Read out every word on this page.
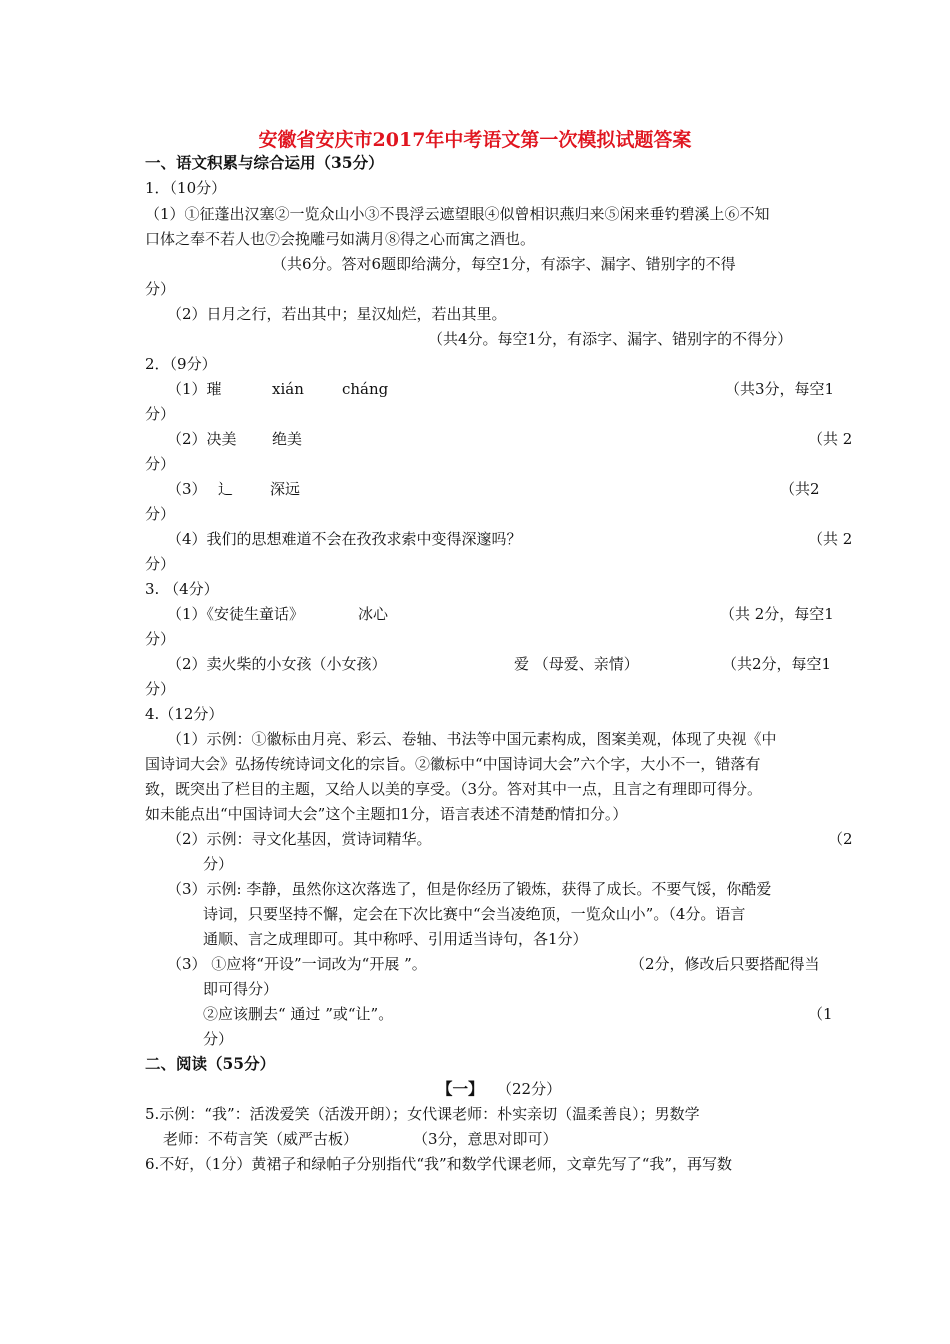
安徽省安庆市2017年中考语文第一次模拟试题答案
一、语文积累与综合运用（35分）
1．（10分）
（1）①征蓬出汉塞②一览众山小③不畏浮云遮望眼④似曾相识燕归来⑤闲来垂钓碧溪上⑥不知
口体之奉不若人也⑦会挽雕弓如满月⑧得之心而寓之酒也。
（共6分。答对6题即给满分，每空1分，有添字、漏字、错别字的不得
分）
（2）日月之行，若出其中；星汉灿烂，若出其里。
（共4分。每空1分，有添字、漏字、错别字的不得分）
2．（9分）
（1）璀	xián	cháng	（共3分，每空1
分）
（2）决美 绝美	（共 2
分）
（3） 辶 深远	（共2
分）
（4）我们的思想难道不会在孜孜求索中变得深邃吗？	（共 2
分）
3. （4分）
（1）《安徒生童话》	冰心	（共 2分，每空1
分）
（2）卖火柴的小女孩（小女孩）	爱 （母爱、亲情）	（共2分，每空1
分）
4.（12分）
（1）示例：①徽标由月亮、彩云、卷轴、书法等中国元素构成，图案美观，体现了央视《中
国诗词大会》弘扬传统诗词文化的宗旨。②徽标中“中国诗词大会”六个字，大小不一，错落有
致，既突出了栏目的主题，又给人以美的享受。（3分。答对其中一点，且言之有理即可得分。
如未能点出“中国诗词大会”这个主题扣1分，语言表述不清楚酌情扣分。）
（2）示例：寻文化基因，赏诗词精华。	（2
分）
（3）示例: 李静，虽然你这次落选了，但是你经历了锻炼，获得了成长。不要气馁，你酷爱
诗词，只要坚持不懈，定会在下次比赛中“会当凌绝顶，一览众山小”。（4分。语言
通顺、言之成理即可。其中称呼、引用适当诗句，各1分）
（3） ①应将“开设”一词改为“开展 ”。	（2分，修改后只要搭配得当
即可得分）
②应该删去“ 通过 ”或“让”。	（1
分）
二、阅读（55分）
【一】 （22分）
5.示例：“我”：活泼爱笑（活泼开朗）；女代课老师：朴实亲切（温柔善良）；男数学
老师：不苟言笑（威严古板）	（3分，意思对即可）
6.不好，（1分）黄裙子和绿帕子分别指代“我”和数学代课老师，文章先写了“我”，再写数
